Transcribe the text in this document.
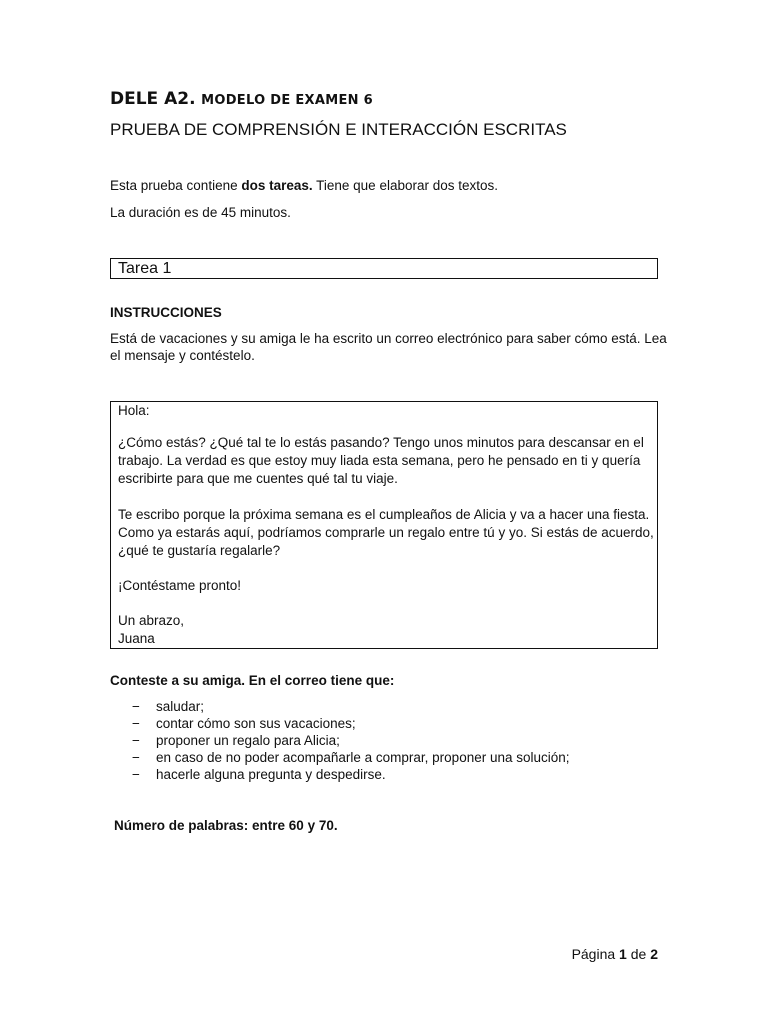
DELE A2. MODELO DE EXAMEN 6
PRUEBA DE COMPRENSIÓN E INTERACCIÓN ESCRITAS
Esta prueba contiene dos tareas. Tiene que elaborar dos textos.
La duración es de 45 minutos.
Tarea 1
INSTRUCCIONES
Está de vacaciones y su amiga le ha escrito un correo electrónico para saber cómo está. Lea el mensaje y contéstelo.

Hola:

¿Cómo estás? ¿Qué tal te lo estás pasando? Tengo unos minutos para descansar en el trabajo. La verdad es que estoy muy liada esta semana, pero he pensado en ti y quería escribirte para que me cuentes qué tal tu viaje.

Te escribo porque la próxima semana es el cumpleaños de Alicia y va a hacer una fiesta. Como ya estarás aquí, podríamos comprarle un regalo entre tú y yo. Si estás de acuerdo, ¿qué te gustaría regalarle?

¡Contéstame pronto!

Un abrazo,
Juana

Conteste a su amiga. En el correo tiene que:
− saludar;
− contar cómo son sus vacaciones;
− proponer un regalo para Alicia;
− en caso de no poder acompañarle a comprar, proponer una solución;
− hacerle alguna pregunta y despedirse.
Número de palabras: entre 60 y 70.
Página 1 de 2
